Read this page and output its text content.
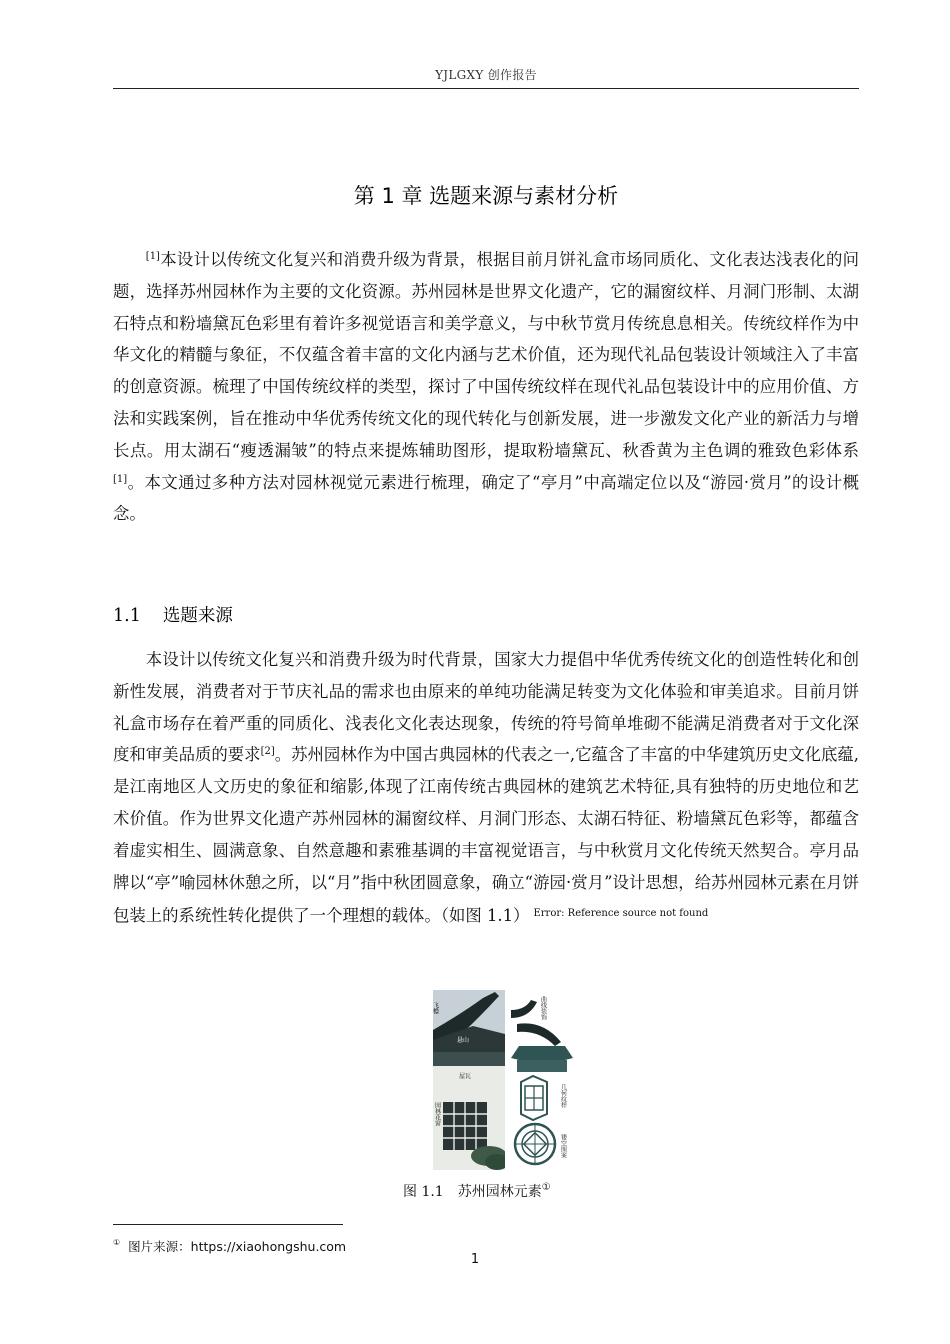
YJLGXY 创作报告
第 1 章 选题来源与素材分析

[1]本设计以传统文化复兴和消费升级为背景，根据目前月饼礼盒市场同质化、文化表达浅表化的问题，选择苏州园林作为主要的文化资源。苏州园林是世界文化遗产，它的漏窗纹样、月洞门形制、太湖石特点和粉墙黛瓦色彩里有着许多视觉语言和美学意义，与中秋节赏月传统息息相关。传统纹样作为中华文化的精髓与象征，不仅蕴含着丰富的文化内涵与艺术价值，还为现代礼品包装设计领域注入了丰富的创意资源。梳理了中国传统纹样的类型，探讨了中国传统纹样在现代礼品包装设计中的应用价值、方法和实践案例，旨在推动中华优秀传统文化的现代转化与创新发展，进一步激发文化产业的新活力与增长点。用太湖石“瘦透漏皱”的特点来提炼辅助图形，提取粉墙黛瓦、秋香黄为主色调的雅致色彩体系[1]。本文通过多种方法对园林视觉元素进行梳理，确定了“亭月”中高端定位以及“游园·赏月”的设计概念。

1.1 选题来源

本设计以传统文化复兴和消费升级为时代背景，国家大力提倡中华优秀传统文化的创造性转化和创新性发展，消费者对于节庆礼品的需求也由原来的单纯功能满足转变为文化体验和审美追求。目前月饼礼盒市场存在着严重的同质化、浅表化文化表达现象，传统的符号简单堆砌不能满足消费者对于文化深度和审美品质的要求[2]。苏州园林作为中国古典园林的代表之一,它蕴含了丰富的中华建筑历史文化底蕴,是江南地区人文历史的象征和缩影,体现了江南传统古典园林的建筑艺术特征,具有独特的历史地位和艺术价值。作为世界文化遗产苏州园林的漏窗纹样、月洞门形态、太湖石特征、粉墙黛瓦色彩等，都蕴含着虚实相生、圆满意象、自然意趣和素雅基调的丰富视觉语言，与中秋赏月文化传统天然契合。亭月品牌以“亭”喻园林休憩之所，以“月”指中秋团圆意象，确立“游园·赏月”设计思想，给苏州园林元素在月饼包装上的系统性转化提供了一个理想的载体。（如图 1.1） $^{Error: Reference source not found}$

飞檐
悬山
屋瓦
园林花窗
曲线装饰
几何纹样
镂空图案
图 1.1 苏州园林元素①
① 图片来源：https://xiaohongshu.com
1
